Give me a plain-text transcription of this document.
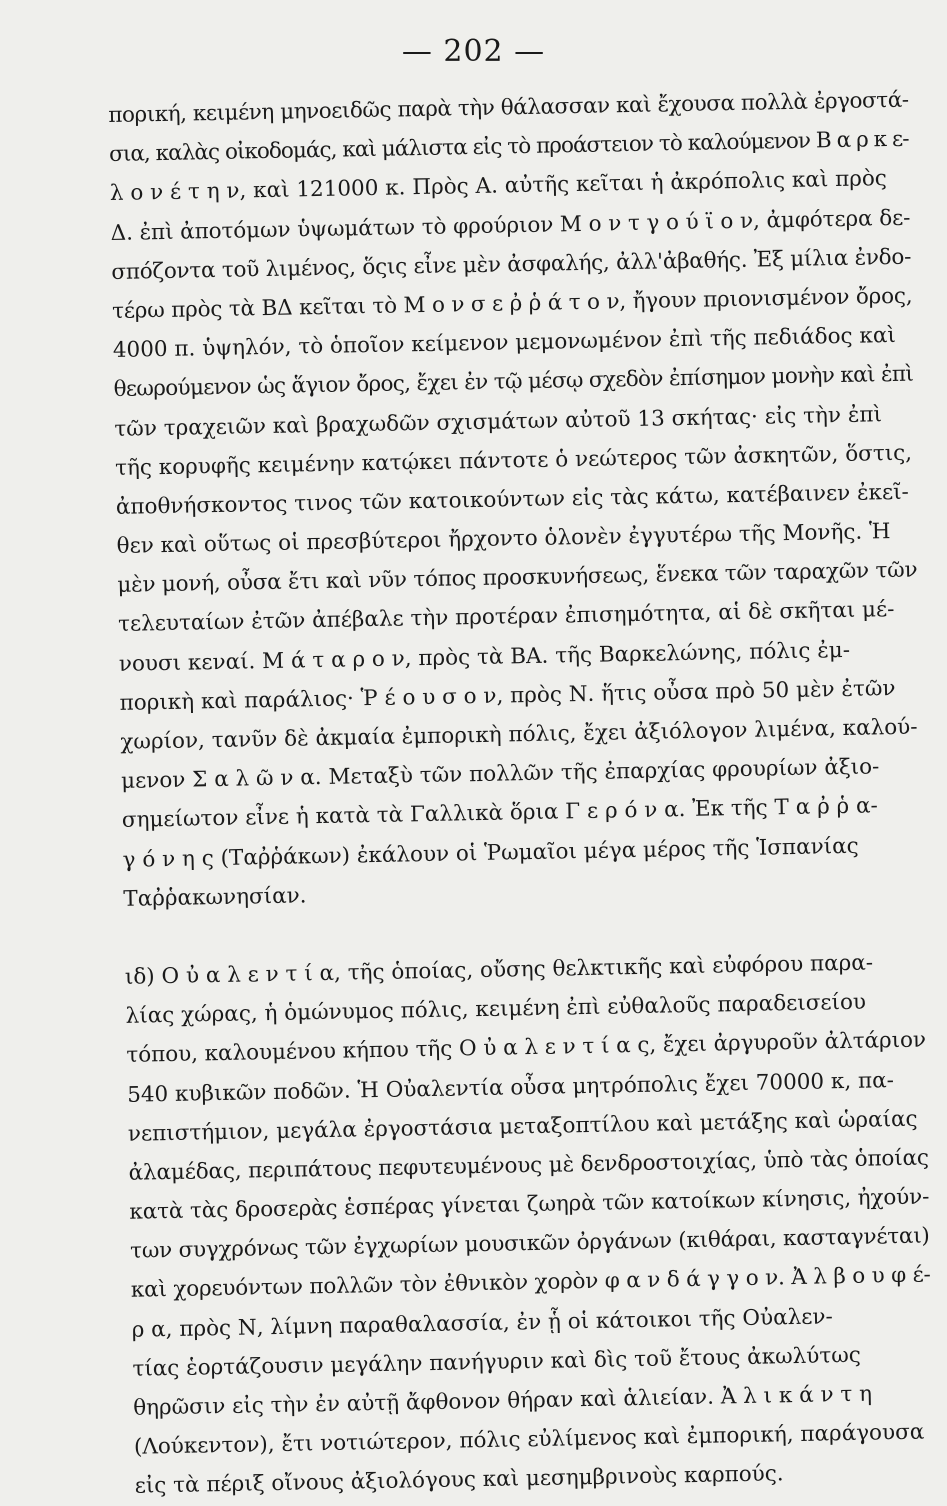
— 202 —
πορική, κειμένη μηνοειδῶς παρὰ τὴν θάλασσαν καὶ ἔχουσα πολλὰ ἐργοστά-
σια, καλὰς οἰκοδομάς, καὶ μάλιστα εἰς τὸ προάστειον τὸ καλούμενον Β α ρ κ ε-
λ ο ν έ τ η ν, καὶ 121000 κ. Πρὸς Α. αὐτῆς κεῖται ἡ ἀκρόπολις καὶ πρὸς
Δ. ἐπὶ ἀποτόμων ὑψωμάτων τὸ φρούριον Μ ο ν τ γ ο ύ ϊ ο ν, ἀμφότερα δε-
σπόζοντα τοῦ λιμένος, ὅςις εἶνε μὲν ἀσφαλής, ἀλλ'ἀβαθής. Ἐξ μίλια ἐνδο-
τέρω πρὸς τὰ ΒΔ κεῖται τὸ Μ ο ν σ ε ῤ ῥ ά τ ο ν, ἤγουν πριονισμένον ὄρος,
4000 π. ὑψηλόν, τὸ ὁποῖον κείμενον μεμονωμένον ἐπὶ τῆς πεδιάδος καὶ
θεωρούμενον ὡς ἅγιον ὄρος, ἔχει ἐν τῷ μέσῳ σχεδὸν ἐπίσημον μονὴν καὶ ἐπὶ
τῶν τραχειῶν καὶ βραχωδῶν σχισμάτων αὐτοῦ 13 σκήτας· εἰς τὴν ἐπὶ
τῆς κορυφῆς κειμένην κατῴκει πάντοτε ὁ νεώτερος τῶν ἀσκητῶν, ὅστις,
ἀποθνήσκοντος τινος τῶν κατοικούντων εἰς τὰς κάτω, κατέβαινεν ἐκεῖ-
θεν καὶ οὕτως οἱ πρεσβύτεροι ἤρχοντο ὁλονὲν ἐγγυτέρω τῆς Μονῆς. Ἡ
μὲν μονή, οὖσα ἔτι καὶ νῦν τόπος προσκυνήσεως, ἕνεκα τῶν ταραχῶν τῶν
τελευταίων ἐτῶν ἀπέβαλε τὴν προτέραν ἐπισημότητα, αἱ δὲ σκῆται μέ-
νουσι κεναί. Μ ά τ α ρ ο ν, πρὸς τὰ ΒΑ. τῆς Βαρκελώνης, πόλις ἐμ-
πορικὴ καὶ παράλιος· Ῥ έ ο υ σ ο ν, πρὸς Ν. ἥτις οὖσα πρὸ 50 μὲν ἐτῶν
χωρίον, τανῦν δὲ ἀκμαία ἐμπορικὴ πόλις, ἔχει ἀξιόλογον λιμένα, καλού-
μενον Σ α λ ῶ ν α. Μεταξὺ τῶν πολλῶν τῆς ἐπαρχίας φρουρίων ἀξιο-
σημείωτον εἶνε ἡ κατὰ τὰ Γαλλικὰ ὅρια Γ ε ρ ό ν α. Ἐκ τῆς Τ α ῤ ῥ α-
γ ό ν η ς (Ταῤῥάκων) ἐκάλουν οἱ Ῥωμαῖοι μέγα μέρος τῆς Ἱσπανίας
Ταῤῥακωνησίαν.
ιδ) Ο ὐ α λ ε ν τ ί α, τῆς ὁποίας, οὔσης θελκτικῆς καὶ εὐφόρου παρα-
λίας χώρας, ἡ ὁμώνυμος πόλις, κειμένη ἐπὶ εὐθαλοῦς παραδεισείου
τόπου, καλουμένου κήπου τῆς Ο ὐ α λ ε ν τ ί α ς, ἔχει ἀργυροῦν ἀλτάριον
540 κυβικῶν ποδῶν. Ἡ Οὐαλεντία οὖσα μητρόπολις ἔχει 70000 κ, πα-
νεπιστήμιον, μεγάλα ἐργοστάσια μεταξοπτίλου καὶ μετάξης καὶ ὡραίας
ἀλαμέδας, περιπάτους πεφυτευμένους μὲ δενδροστοιχίας, ὑπὸ τὰς ὁποίας
κατὰ τὰς δροσερὰς ἑσπέρας γίνεται ζωηρὰ τῶν κατοίκων κίνησις, ἠχούν-
των συγχρόνως τῶν ἐγχωρίων μουσικῶν ὀργάνων (κιθάραι, κασταγνέται)
καὶ χορευόντων πολλῶν τὸν ἐθνικὸν χορὸν φ α ν δ ά γ γ ο ν. Ἀ λ β ο υ φ έ-
ρ α, πρὸς Ν, λίμνη παραθαλασσία, ἐν ᾗ οἱ κάτοικοι τῆς Οὐαλεν-
τίας ἑορτάζουσιν μεγάλην πανήγυριν καὶ δὶς τοῦ ἔτους ἀκωλύτως
θηρῶσιν εἰς τὴν ἐν αὐτῇ ἄφθονον θήραν καὶ ἁλιείαν. Ἀ λ ι κ ά ν τ η
(Λούκεντον), ἔτι νοτιώτερον, πόλις εὐλίμενος καὶ ἐμπορική, παράγουσα
εἰς τὰ πέριξ οἴνους ἀξιολόγους καὶ μεσημβρινοὺς καρπούς.
